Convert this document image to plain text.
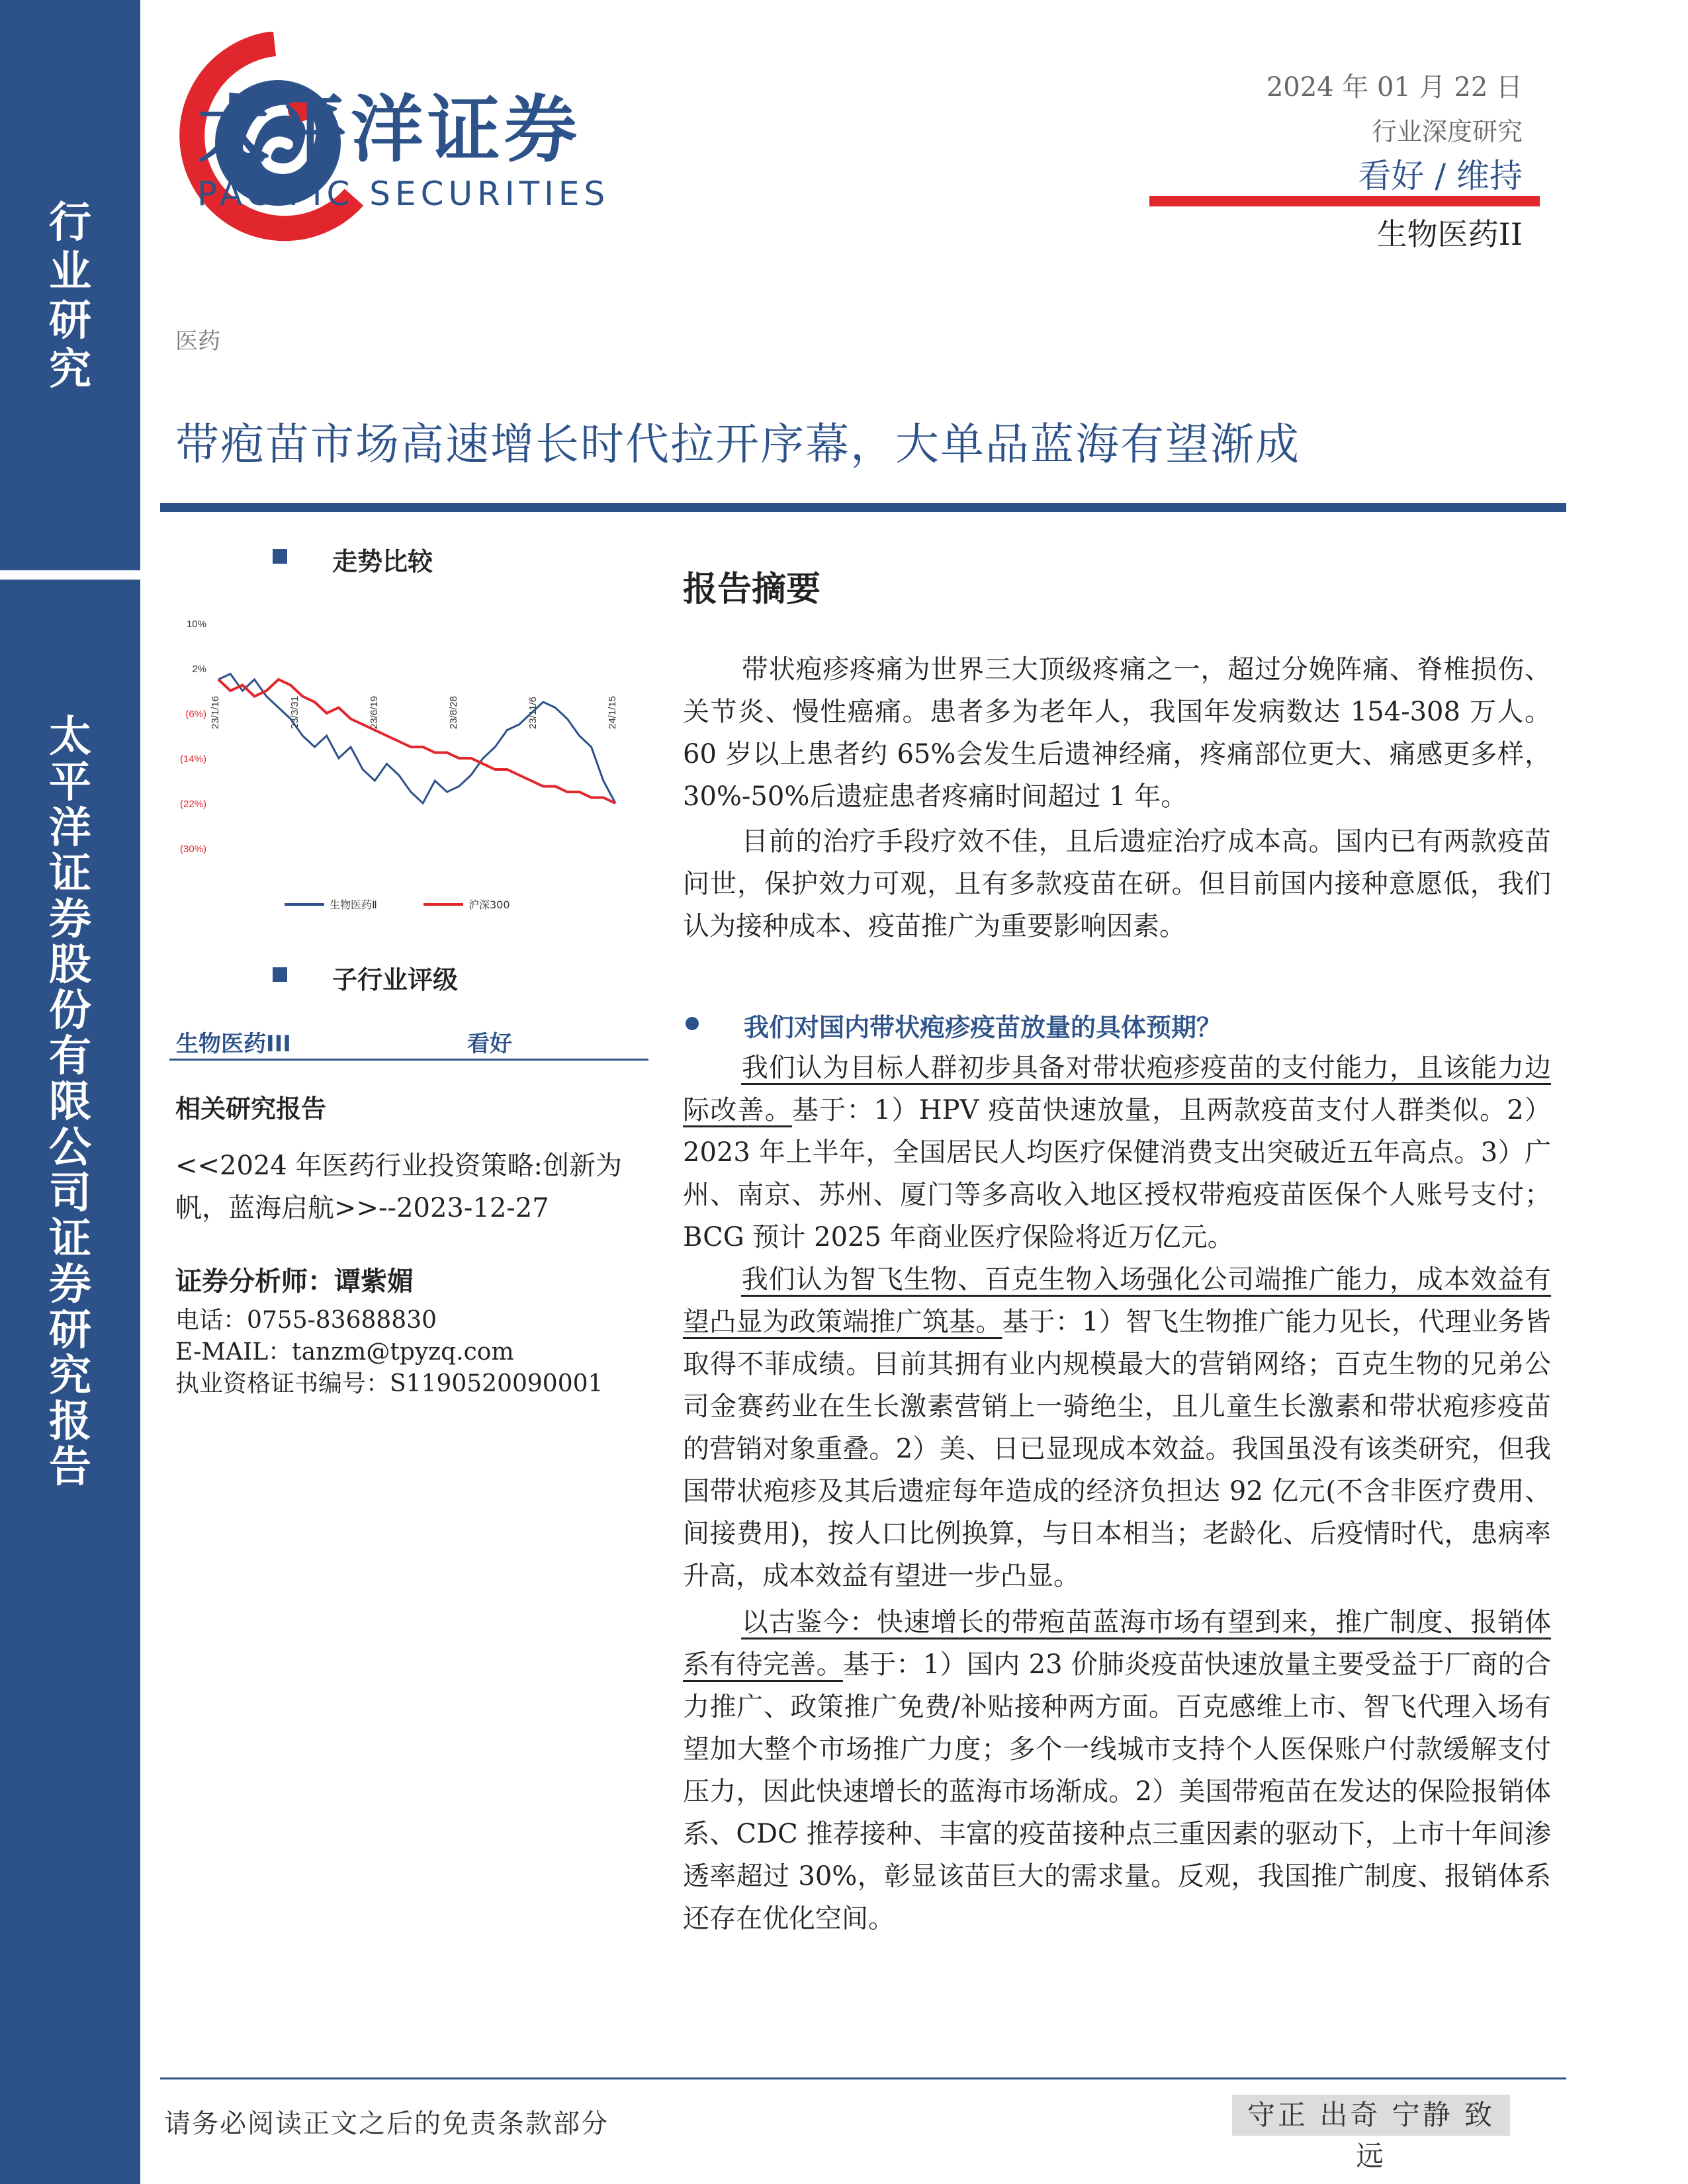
行
业
研
究
太
平
洋
证
券
股
份
有
限
公
司
证
券
研
究
报
告
太平洋证券
PACIFIC SECURITIES
2024 年 01 月 22 日
行业深度研究
看好 / 维持
生物医药II
医药
带疱苗市场高速增长时代拉开序幕，大单品蓝海有望渐成
走势比较
10%
2%
(6%)
(14%)
(22%)
(30%)
23/1/16	23/3/31	23/6/19	23/8/28	23/11/6	24/1/15
生物医药Ⅱ	沪深300
子行业评级
生物医药III	看好
相关研究报告
<<2024 年医药行业投资策略:创新为帆，蓝海启航>>--2023-12-27
证券分析师：谭紫媚
电话：0755-83688830
E-MAIL：tanzm@tpyzq.com
执业资格证书编号：S1190520090001
报告摘要
带状疱疹疼痛为世界三大顶级疼痛之一，超过分娩阵痛、脊椎损伤、关节炎、慢性癌痛。患者多为老年人，我国年发病数达 154-308 万人。60 岁以上患者约 65%会发生后遗神经痛，疼痛部位更大、痛感更多样，30%-50%后遗症患者疼痛时间超过 1 年。
目前的治疗手段疗效不佳，且后遗症治疗成本高。国内已有两款疫苗问世，保护效力可观，且有多款疫苗在研。但目前国内接种意愿低，我们认为接种成本、疫苗推广为重要影响因素。
我们对国内带状疱疹疫苗放量的具体预期？
我们认为目标人群初步具备对带状疱疹疫苗的支付能力，且该能力边际改善。基于：1）HPV 疫苗快速放量，且两款疫苗支付人群类似。2）2023 年上半年，全国居民人均医疗保健消费支出突破近五年高点。3）广州、南京、苏州、厦门等多高收入地区授权带疱疫苗医保个人账号支付；BCG 预计 2025 年商业医疗保险将近万亿元。
我们认为智飞生物、百克生物入场强化公司端推广能力，成本效益有望凸显为政策端推广筑基。基于：1）智飞生物推广能力见长，代理业务皆取得不菲成绩。目前其拥有业内规模最大的营销网络；百克生物的兄弟公司金赛药业在生长激素营销上一骑绝尘，且儿童生长激素和带状疱疹疫苗的营销对象重叠。2）美、日已显现成本效益。我国虽没有该类研究，但我国带状疱疹及其后遗症每年造成的经济负担达 92 亿元(不含非医疗费用、间接费用)，按人口比例换算，与日本相当；老龄化、后疫情时代，患病率升高，成本效益有望进一步凸显。
以古鉴今：快速增长的带疱苗蓝海市场有望到来，推广制度、报销体系有待完善。基于：1）国内 23 价肺炎疫苗快速放量主要受益于厂商的合力推广、政策推广免费/补贴接种两方面。百克感维上市、智飞代理入场有望加大整个市场推广力度；多个一线城市支持个人医保账户付款缓解支付压力，因此快速增长的蓝海市场渐成。2）美国带疱苗在发达的保险报销体系、CDC 推荐接种、丰富的疫苗接种点三重因素的驱动下，上市十年间渗透率超过 30%，彰显该苗巨大的需求量。反观，我国推广制度、报销体系还存在优化空间。
请务必阅读正文之后的免责条款部分	守正 出奇 宁静 致远
